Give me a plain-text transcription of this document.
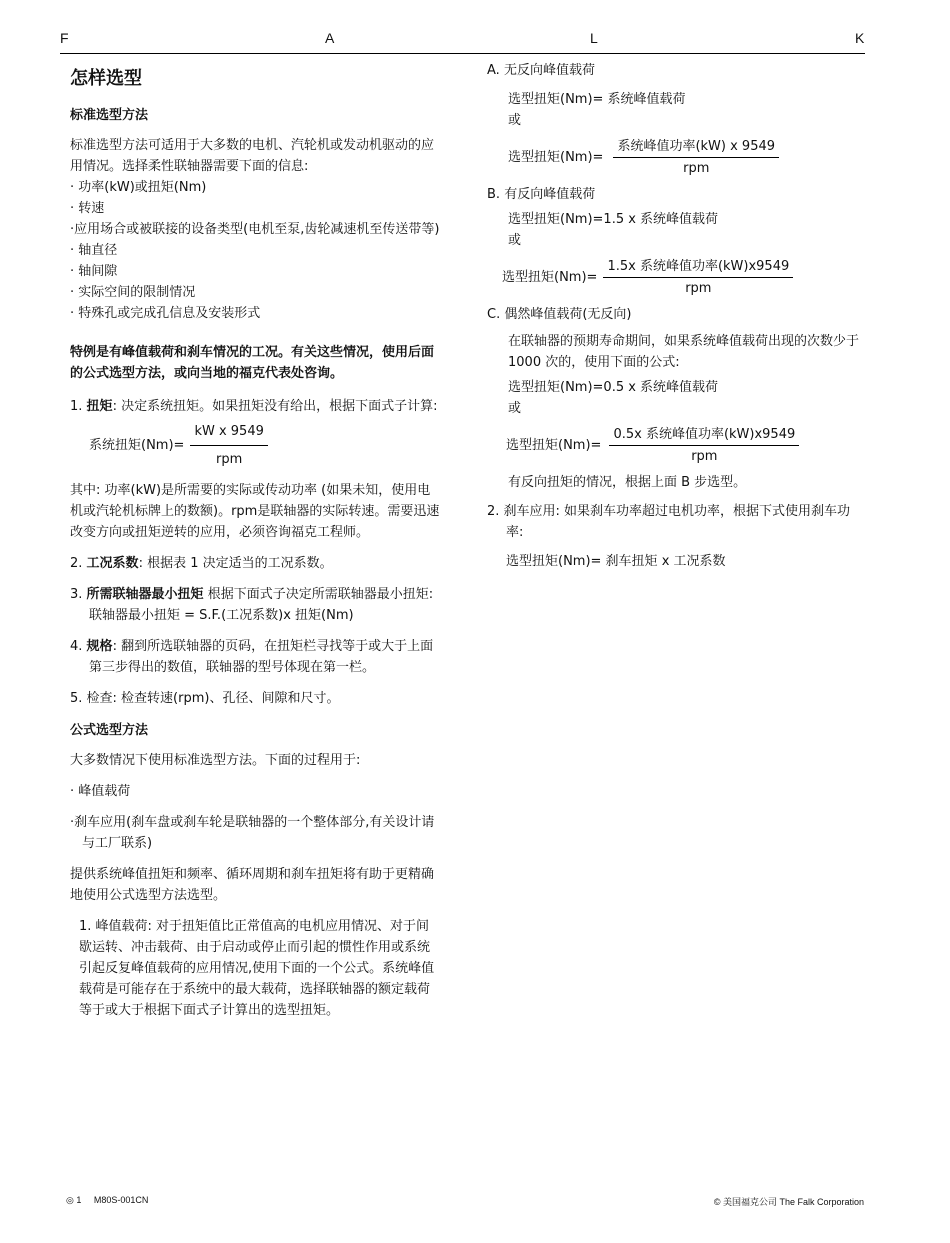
F	A	L	K
怎样选型
标准选型方法

标准选型方法可适用于大多数的电机、汽轮机或发动机驱动的应用情况。选择柔性联轴器需要下面的信息:

· 功率(kW)或扭矩(Nm)
· 转速
·应用场合或被联接的设备类型(电机至泵,齿轮减速机至传送带等)
· 轴直径
· 轴间隙
· 实际空间的限制情况
· 特殊孔或完成孔信息及安装形式

特例是有峰值载荷和刹车情况的工况。有关这些情况，使用后面的公式选型方法，或向当地的福克代表处咨询。

1. 扭矩: 决定系统扭矩。如果扭矩没有给出，根据下面式子计算:
系统扭矩$(Nm)= \frac{\text{kW x 9549}}{\text{rpm}}$

其中: 功率(kW)是所需要的实际或传动功率 (如果未知，使用电机或汽轮机标牌上的数额)。rpm是联轴器的实际转速。需要迅速改变方向或扭矩逆转的应用，必须咨询福克工程师。

2. 工况系数: 根据表 1 决定适当的工况系数。
3. 所需联轴器最小扭矩 根据下面式子决定所需联轴器最小扭矩:
联轴器最小扭矩 = S.F.(工况系数)x 扭矩(Nm)
4. 规格: 翻到所选联轴器的页码，在扭矩栏寻找等于或大于上面第三步得出的数值，联轴器的型号体现在第一栏。
5. 检查: 检查转速(rpm)、孔径、间隙和尺寸。
公式选型方法

大多数情况下使用标准选型方法。下面的过程用于:

· 峰值载荷
·刹车应用(刹车盘或刹车轮是联轴器的一个整体部分,有关设计请与工厂联系)

提供系统峰值扭矩和频率、循环周期和刹车扭矩将有助于更精确地使用公式选型方法选型。

1. 峰值载荷: 对于扭矩值比正常值高的电机应用情况、对于间歇运转、冲击载荷、由于启动或停止而引起的惯性作用或系统引起反复峰值载荷的应用情况,使用下面的一个公式。系统峰值载荷是可能存在于系统中的最大载荷，选择联轴器的额定载荷等于或大于根据下面式子计算出的选型扭矩。

A. 无反向峰值载荷
选型扭矩(Nm)= 系统峰值载荷
或
选型扭矩$(Nm)= \frac{\text{系统峰值功率(kW) x 9549}}{\text{rpm}}$
B. 有反向峰值载荷
选型扭矩(Nm)=1.5 x 系统峰值载荷
或
选型扭矩$(Nm)= \frac{\text{1.5x 系统峰值功率(kW)x9549}}{\text{rpm}}$
C. 偶然峰值载荷(无反向)

在联轴器的预期寿命期间，如果系统峰值载荷出现的次数少于 1000 次的，使用下面的公式:

选型扭矩(Nm)=0.5 x 系统峰值载荷
或
选型扭矩$(Nm)= \frac{\text{0.5x 系统峰值功率(kW)x9549}}{\text{rpm}}$
有反向扭矩的情况，根据上面 B 步选型。
2. 刹车应用: 如果刹车功率超过电机功率，根据下式使用刹车功率:
选型扭矩(Nm)= 刹车扭矩 x 工况系数
◎ 1 M80S-001CN	© 美国福克公司 The Falk Corporation
